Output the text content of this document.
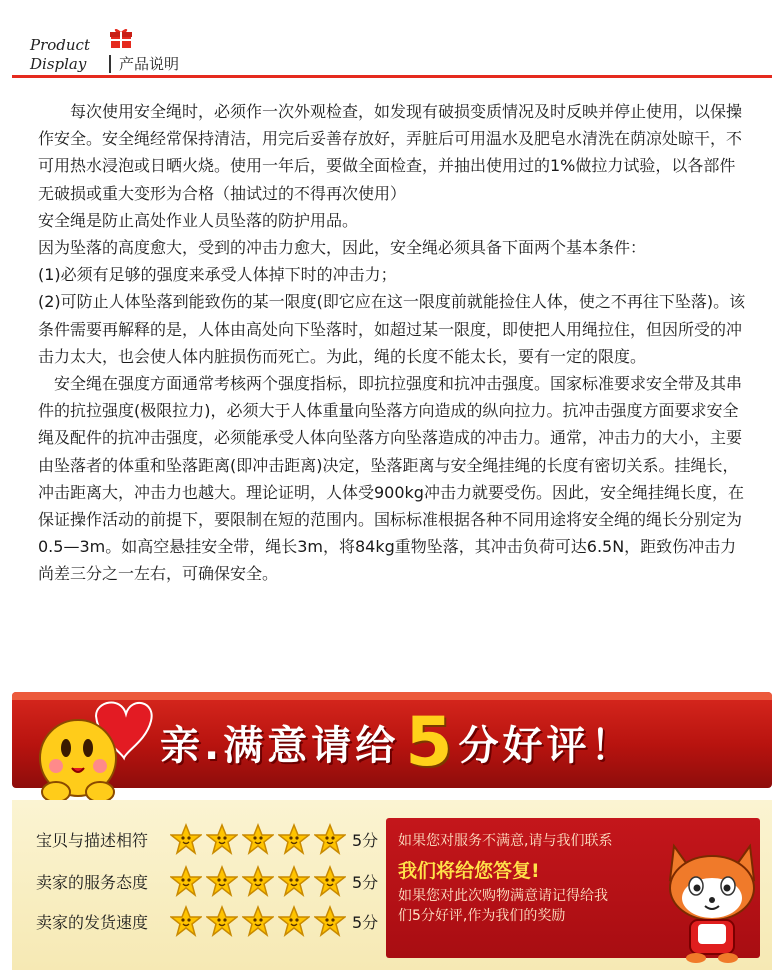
Product
Display 产品说明

　　每次使用安全绳时，必须作一次外观检查，如发现有破损变质情况及时反映并停止使用，以保操作安全。安全绳经常保持清洁，用完后妥善存放好，弄脏后可用温水及肥皂水清洗在荫凉处晾干，不可用热水浸泡或日晒火烧。使用一年后，要做全面检查，并抽出使用过的1%做拉力试验，以各部件无破损或重大变形为合格（抽试过的不得再次使用）

安全绳是防止高处作业人员坠落的防护用品。

因为坠落的高度愈大，受到的冲击力愈大，因此，安全绳必须具备下面两个基本条件：

(1)必须有足够的强度来承受人体掉下时的冲击力；

(2)可防止人体坠落到能致伤的某一限度(即它应在这一限度前就能捡住人体，使之不再往下坠落)。该条件需要再解释的是，人体由高处向下坠落时，如超过某一限度，即使把人用绳拉住，但因所受的冲击力太大，也会使人体内脏损伤而死亡。为此，绳的长度不能太长，要有一定的限度。

　安全绳在强度方面通常考核两个强度指标，即抗拉强度和抗冲击强度。国家标准要求安全带及其串件的抗拉强度(极限拉力)，必须大于人体重量向坠落方向造成的纵向拉力。抗冲击强度方面要求安全绳及配件的抗冲击强度，必须能承受人体向坠落方向坠落造成的冲击力。通常，冲击力的大小，主要由坠落者的体重和坠落距离(即冲击距离)决定，坠落距离与安全绳挂绳的长度有密切关系。挂绳长，冲击距离大，冲击力也越大。理论证明，人体受900kg冲击力就要受伤。因此，安全绳挂绳长度，在保证操作活动的前提下，要限制在短的范围内。国标标准根据各种不同用途将安全绳的绳长分别定为0.5—3m。如高空悬挂安全带，绳长3m，将84kg重物坠落，其冲击负荷可达6.5N，距致伤冲击力尚差三分之一左右，可确保安全。

亲.满意请给 5 分好评！
宝贝与描述相符	5分
卖家的服务态度	5分
卖家的发货速度	5分
如果您对服务不满意,请与我们联系
我们将给您答复!
如果您对此次购物满意请记得给我
们5分好评,作为我们的奖励
